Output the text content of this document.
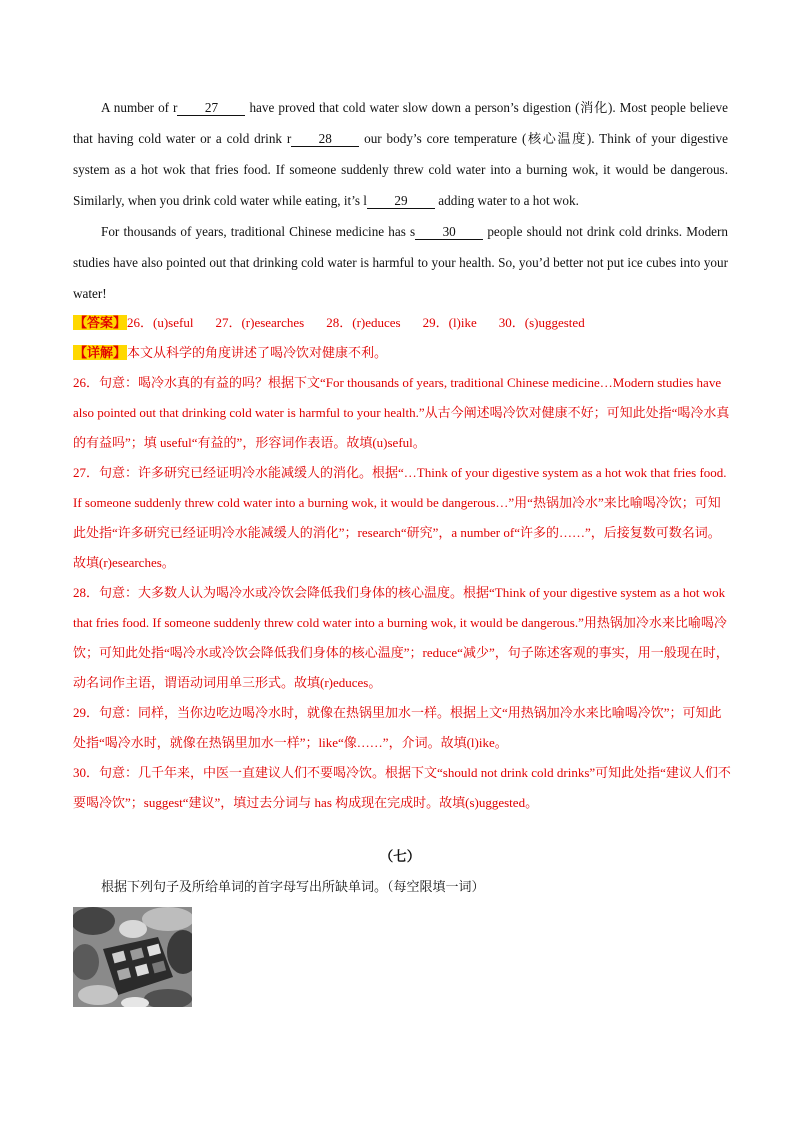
A number of r 27 have proved that cold water slow down a person’s digestion (消化). Most people believe that having cold water or a cold drink r 28 our body’s core temperature (核心温度). Think of your digestive system as a hot wok that fries food. If someone suddenly threw cold water into a burning wok, it would be dangerous. Similarly, when you drink cold water while eating, it’s l 29 adding water to a hot wok.

For thousands of years, traditional Chinese medicine has s 30 people should not drink cold drinks. Modern studies have also pointed out that drinking cold water is harmful to your health. So, you’d better not put ice cubes into your water!

【答案】26．(u)seful 27．(r)esearches 28．(r)educes 29．(l)ike 30．(s)uggested

【详解】本文从科学的角度讲述了喝冷饮对健康不利。

26．句意：喝冷水真的有益的吗？根据下文“For thousands of years, traditional Chinese medicine…Modern studies have also pointed out that drinking cold water is harmful to your health.”从古今阐述喝冷饮对健康不好；可知此处指“喝冷水真的有益吗”；填 useful“有益的”，形容词作表语。故填(u)seful。

27．句意：许多研究已经证明冷水能减缓人的消化。根据“…Think of your digestive system as a hot wok that fries food. If someone suddenly threw cold water into a burning wok, it would be dangerous…”用“热锅加冷水”来比喻喝冷饮；可知此处指“许多研究已经证明冷水能减缓人的消化”；research“研究”，a number of“许多的……”，后接复数可数名词。故填(r)esearches。

28．句意：大多数人认为喝冷水或冷饮会降低我们身体的核心温度。根据“Think of your digestive system as a hot wok that fries food. If someone suddenly threw cold water into a burning wok, it would be dangerous.”用热锅加冷水来比喻喝冷饮；可知此处指“喝冷水或冷饮会降低我们身体的核心温度”；reduce“减少”，句子陈述客观的事实，用一般现在时，动名词作主语，谓语动词用单三形式。故填(r)educes。

29．句意：同样，当你边吃边喝冷水时，就像在热锅里加水一样。根据上文“用热锅加冷水来比喻喝冷饮”；可知此处指“喝冷水时，就像在热锅里加水一样”；like“像……”，介词。故填(l)ike。

30．句意：几千年来，中医一直建议人们不要喝冷饮。根据下文“should not drink cold drinks”可知此处指“建议人们不要喝冷饮”；suggest“建议”，填过去分词与 has 构成现在完成时。故填(s)uggested。

（七）
根据下列句子及所给单词的首字母写出所缺单词。（每空限填一词）
